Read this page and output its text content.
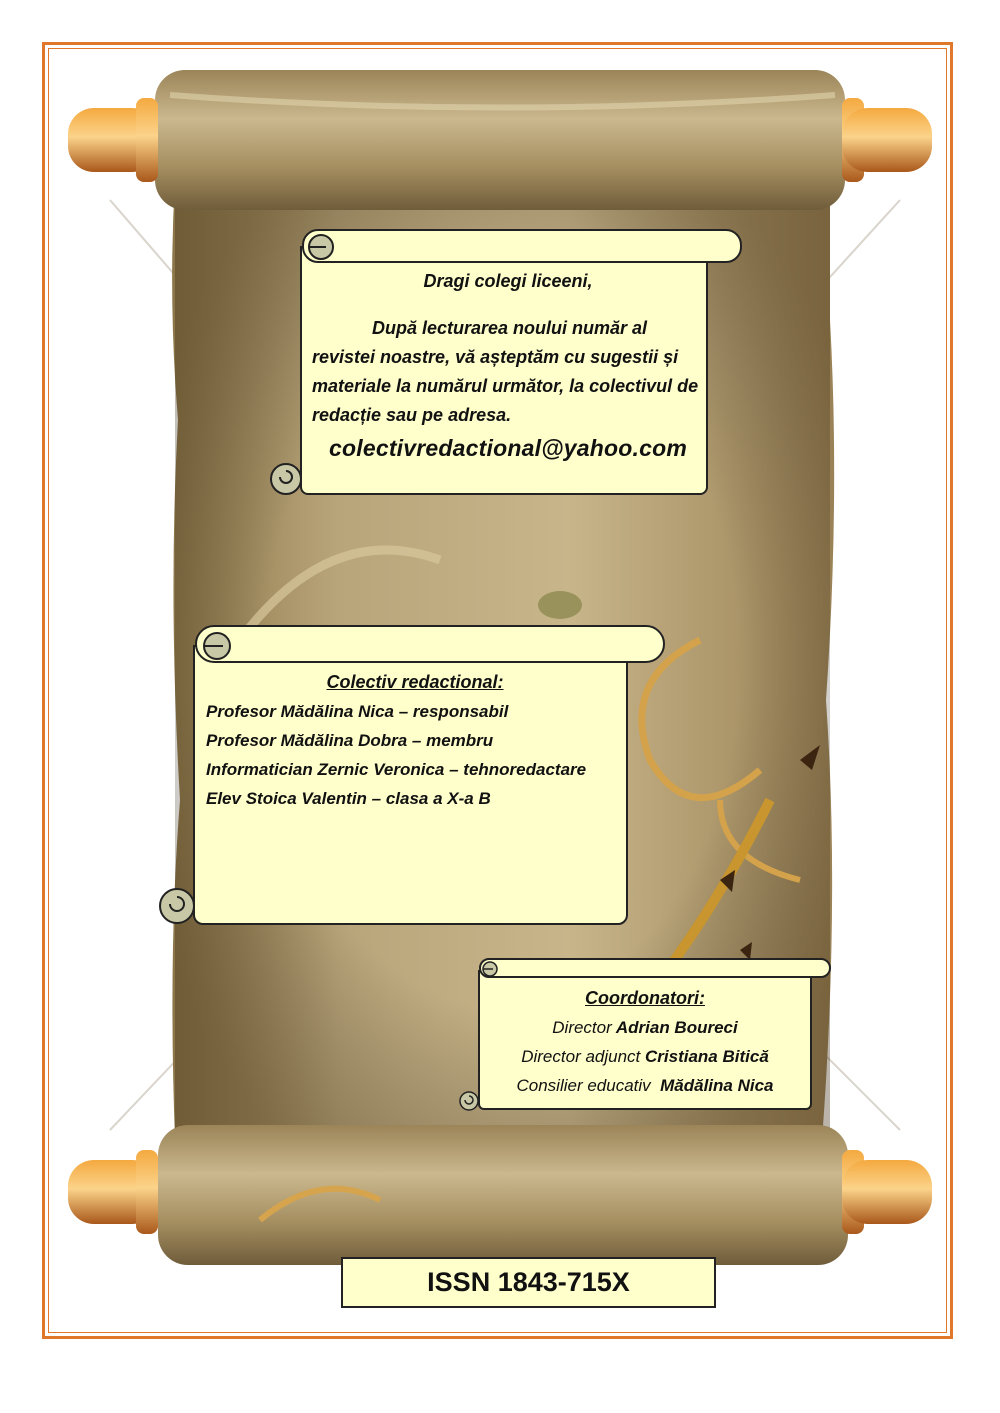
Dragi colegi liceeni,
După lecturarea noului număr al revistei noastre, vă așteptăm cu sugestii și materiale la numărul următor, la colectivul de redacție sau pe adresa.
colectivredactional@yahoo.com
Colectiv redactional:
Profesor Mădălina Nica – responsabil
Profesor Mădălina Dobra – membru
Informatician Zernic Veronica – tehnoredactare
Elev Stoica Valentin – clasa a X-a B
Coordonatori:
Director Adrian Boureci
Director adjunct Cristiana Bitică
Consilier educativ Mădălina Nica
ISSN 1843-715X
